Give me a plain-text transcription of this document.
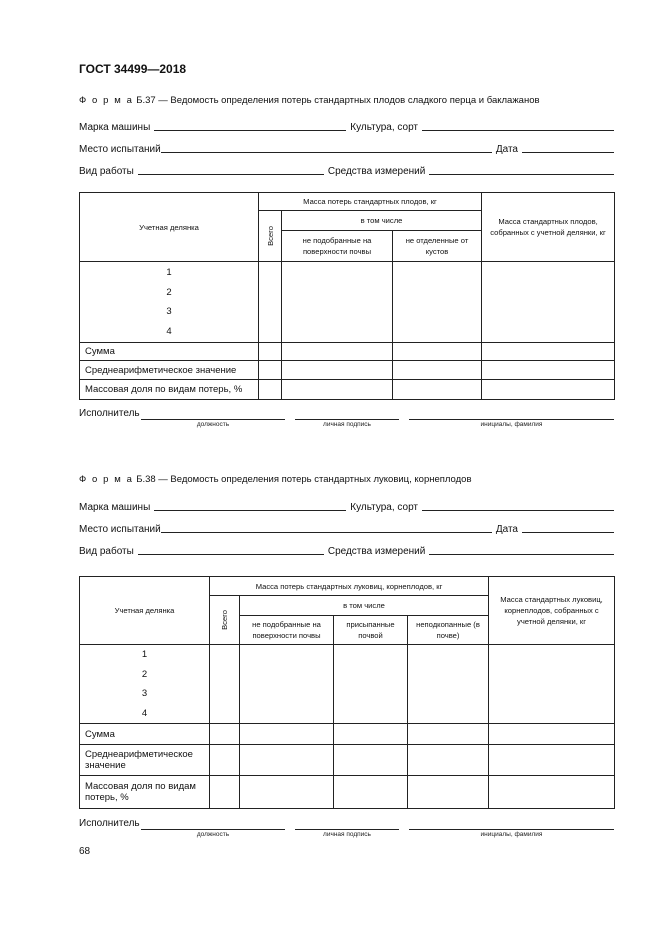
ГОСТ 34499—2018
Ф о р м а Б.37 — Ведомость определения потерь стандартных плодов сладкого перца и баклажанов
Марка машины	Культура, сорт
Место испытаний	Дата
Вид работы	Средства измерений
Учетная делянка	Масса потерь стандартных плодов, кг			Масса стандартных плодов, собранных с учетной делянки, кг

	Всего	в том числе		
		не подобранные на поверхности почвы	не отделенные от кустов	

1
2
3
4				

Сумма				
Среднеарифметическое значение				
Массовая доля по видам потерь, %				
Исполнитель
должность	личная подпись	инициалы, фамилия
Ф о р м а Б.38 — Ведомость определения потерь стандартных луковиц, корнеплодов
Марка машины	Культура, сорт
Место испытаний	Дата
Вид работы	Средства измерений
Учетная делянка	Масса потерь стандартных луковиц, корнеплодов, кг				Масса стандартных луковиц, корнеплодов, собранных с учетной делянки, кг

	Всего	в том числе			
		не подобранные на поверхности почвы	присыпанные почвой	неподкопанные (в почве)	

1
2
3
4					

Сумма					
Среднеарифметическое значение					
Массовая доля по видам потерь, %					
Исполнитель
должность	личная подпись	инициалы, фамилия
68
